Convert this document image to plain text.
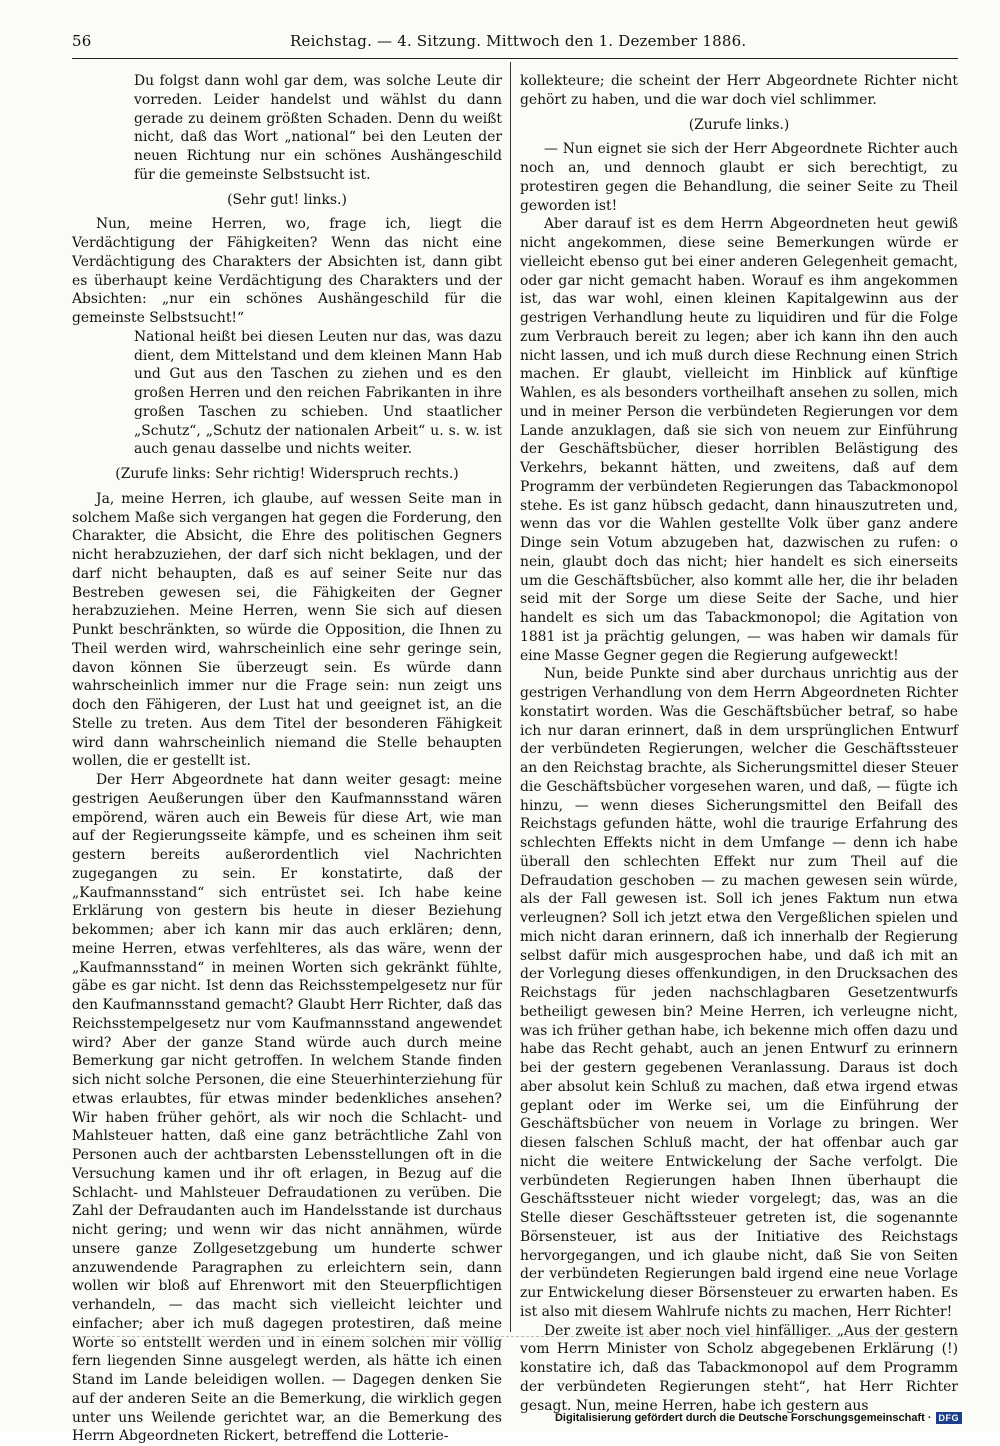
56	Reichstag. — 4. Sitzung. Mittwoch den 1. Dezember 1886.

Du folgst dann wohl gar dem, was solche Leute dir vorreden. Leider handelst und wählst du dann gerade zu deinem größten Schaden. Denn du weißt nicht, daß das Wort „national“ bei den Leuten der neuen Richtung nur ein schönes Aushängeschild für die gemeinste Selbstsucht ist.

(Sehr gut! links.)

Nun, meine Herren, wo, frage ich, liegt die Verdächtigung der Fähigkeiten? Wenn das nicht eine Verdächtigung des Charakters der Absichten ist, dann gibt es überhaupt keine Verdächtigung des Charakters und der Absichten: „nur ein schönes Aushängeschild für die gemeinste Selbstsucht!“

National heißt bei diesen Leuten nur das, was dazu dient, dem Mittelstand und dem kleinen Mann Hab und Gut aus den Taschen zu ziehen und es den großen Herren und den reichen Fabrikanten in ihre großen Taschen zu schieben. Und staatlicher „Schutz“, „Schutz der nationalen Arbeit“ u. s. w. ist auch genau dasselbe und nichts weiter.

(Zurufe links: Sehr richtig! Widerspruch rechts.)

Ja, meine Herren, ich glaube, auf wessen Seite man in solchem Maße sich vergangen hat gegen die Forderung, den Charakter, die Absicht, die Ehre des politischen Gegners nicht herabzuziehen, der darf sich nicht beklagen, und der darf nicht behaupten, daß es auf seiner Seite nur das Bestreben gewesen sei, die Fähigkeiten der Gegner herabzuziehen. Meine Herren, wenn Sie sich auf diesen Punkt beschränkten, so würde die Opposition, die Ihnen zu Theil werden wird, wahrscheinlich eine sehr geringe sein, davon können Sie überzeugt sein. Es würde dann wahrscheinlich immer nur die Frage sein: nun zeigt uns doch den Fähigeren, der Lust hat und geeignet ist, an die Stelle zu treten. Aus dem Titel der besonderen Fähigkeit wird dann wahrscheinlich niemand die Stelle behaupten wollen, die er gestellt ist.

Der Herr Abgeordnete hat dann weiter gesagt: meine gestrigen Aeußerungen über den Kaufmannsstand wären empörend, wären auch ein Beweis für diese Art, wie man auf der Regierungsseite kämpfe, und es scheinen ihm seit gestern bereits außerordentlich viel Nachrichten zugegangen zu sein. Er konstatirte, daß der „Kaufmannsstand“ sich entrüstet sei. Ich habe keine Erklärung von gestern bis heute in dieser Beziehung bekommen; aber ich kann mir das auch erklären; denn, meine Herren, etwas verfehlteres, als das wäre, wenn der „Kaufmannsstand“ in meinen Worten sich gekränkt fühlte, gäbe es gar nicht. Ist denn das Reichsstempelgesetz nur für den Kaufmannsstand gemacht? Glaubt Herr Richter, daß das Reichsstempelgesetz nur vom Kaufmannsstand angewendet wird? Aber der ganze Stand würde auch durch meine Bemerkung gar nicht getroffen. In welchem Stande finden sich nicht solche Personen, die eine Steuerhinterziehung für etwas erlaubtes, für etwas minder bedenkliches ansehen? Wir haben früher gehört, als wir noch die Schlacht- und Mahlsteuer hatten, daß eine ganz beträchtliche Zahl von Personen auch der achtbarsten Lebensstellungen oft in die Versuchung kamen und ihr oft erlagen, in Bezug auf die Schlacht- und Mahlsteuer Defraudationen zu verüben. Die Zahl der Defraudanten auch im Handelsstande ist durchaus nicht gering; und wenn wir das nicht annähmen, würde unsere ganze Zollgesetzgebung um hunderte schwer anzuwendende Paragraphen zu erleichtern sein, dann wollen wir bloß auf Ehrenwort mit den Steuerpflichtigen verhandeln, — das macht sich vielleicht leichter und einfacher; aber ich muß dagegen protestiren, daß meine Worte so entstellt werden und in einem solchen mir völlig fern liegenden Sinne ausgelegt werden, als hätte ich einen Stand im Lande beleidigen wollen. — Dagegen denken Sie auf der anderen Seite an die Bemerkung, die wirklich gegen unter uns Weilende gerichtet war, an die Bemerkung des Herrn Abgeordneten Rickert, betreffend die Lotterie-

kollekteure; die scheint der Herr Abgeordnete Richter nicht gehört zu haben, und die war doch viel schlimmer.

(Zurufe links.)

— Nun eignet sie sich der Herr Abgeordnete Richter auch noch an, und dennoch glaubt er sich berechtigt, zu protestiren gegen die Behandlung, die seiner Seite zu Theil geworden ist!

Aber darauf ist es dem Herrn Abgeordneten heut gewiß nicht angekommen, diese seine Bemerkungen würde er vielleicht ebenso gut bei einer anderen Gelegenheit gemacht, oder gar nicht gemacht haben. Worauf es ihm angekommen ist, das war wohl, einen kleinen Kapitalgewinn aus der gestrigen Verhandlung heute zu liquidiren und für die Folge zum Verbrauch bereit zu legen; aber ich kann ihn den auch nicht lassen, und ich muß durch diese Rechnung einen Strich machen. Er glaubt, vielleicht im Hinblick auf künftige Wahlen, es als besonders vortheilhaft ansehen zu sollen, mich und in meiner Person die verbündeten Regierungen vor dem Lande anzuklagen, daß sie sich von neuem zur Einführung der Geschäftsbücher, dieser horriblen Belästigung des Verkehrs, bekannt hätten, und zweitens, daß auf dem Programm der verbündeten Regierungen das Tabackmonopol stehe. Es ist ganz hübsch gedacht, dann hinauszutreten und, wenn das vor die Wahlen gestellte Volk über ganz andere Dinge sein Votum abzugeben hat, dazwischen zu rufen: o nein, glaubt doch das nicht; hier handelt es sich einerseits um die Geschäftsbücher, also kommt alle her, die ihr beladen seid mit der Sorge um diese Seite der Sache, und hier handelt es sich um das Tabackmonopol; die Agitation von 1881 ist ja prächtig gelungen, — was haben wir damals für eine Masse Gegner gegen die Regierung aufgeweckt!

Nun, beide Punkte sind aber durchaus unrichtig aus der gestrigen Verhandlung von dem Herrn Abgeordneten Richter konstatirt worden. Was die Geschäftsbücher betraf, so habe ich nur daran erinnert, daß in dem ursprünglichen Entwurf der verbündeten Regierungen, welcher die Geschäftssteuer an den Reichstag brachte, als Sicherungsmittel dieser Steuer die Geschäftsbücher vorgesehen waren, und daß, — fügte ich hinzu, — wenn dieses Sicherungsmittel den Beifall des Reichstags gefunden hätte, wohl die traurige Erfahrung des schlechten Effekts nicht in dem Umfange — denn ich habe überall den schlechten Effekt nur zum Theil auf die Defraudation geschoben — zu machen gewesen sein würde, als der Fall gewesen ist. Soll ich jenes Faktum nun etwa verleugnen? Soll ich jetzt etwa den Vergeßlichen spielen und mich nicht daran erinnern, daß ich innerhalb der Regierung selbst dafür mich ausgesprochen habe, und daß ich mit an der Vorlegung dieses offenkundigen, in den Drucksachen des Reichstags für jeden nachschlagbaren Gesetzentwurfs betheiligt gewesen bin? Meine Herren, ich verleugne nicht, was ich früher gethan habe, ich bekenne mich offen dazu und habe das Recht gehabt, auch an jenen Entwurf zu erinnern bei der gestern gegebenen Veranlassung. Daraus ist doch aber absolut kein Schluß zu machen, daß etwa irgend etwas geplant oder im Werke sei, um die Einführung der Geschäftsbücher von neuem in Vorlage zu bringen. Wer diesen falschen Schluß macht, der hat offenbar auch gar nicht die weitere Entwickelung der Sache verfolgt. Die verbündeten Regierungen haben Ihnen überhaupt die Geschäftssteuer nicht wieder vorgelegt; das, was an die Stelle dieser Geschäftssteuer getreten ist, die sogenannte Börsensteuer, ist aus der Initiative des Reichstags hervorgegangen, und ich glaube nicht, daß Sie von Seiten der verbündeten Regierungen bald irgend eine neue Vorlage zur Entwickelung dieser Börsensteuer zu erwarten haben. Es ist also mit diesem Wahlrufe nichts zu machen, Herr Richter!

Der zweite ist aber noch viel hinfälliger. „Aus der gestern vom Herrn Minister von Scholz abgegebenen Erklärung (!) konstatire ich, daß das Tabackmonopol auf dem Programm der verbündeten Regierungen steht“, hat Herr Richter gesagt. Nun, meine Herren, habe ich gestern aus

Digitalisierung gefördert durch die Deutsche Forschungsgemeinschaft · DFG
